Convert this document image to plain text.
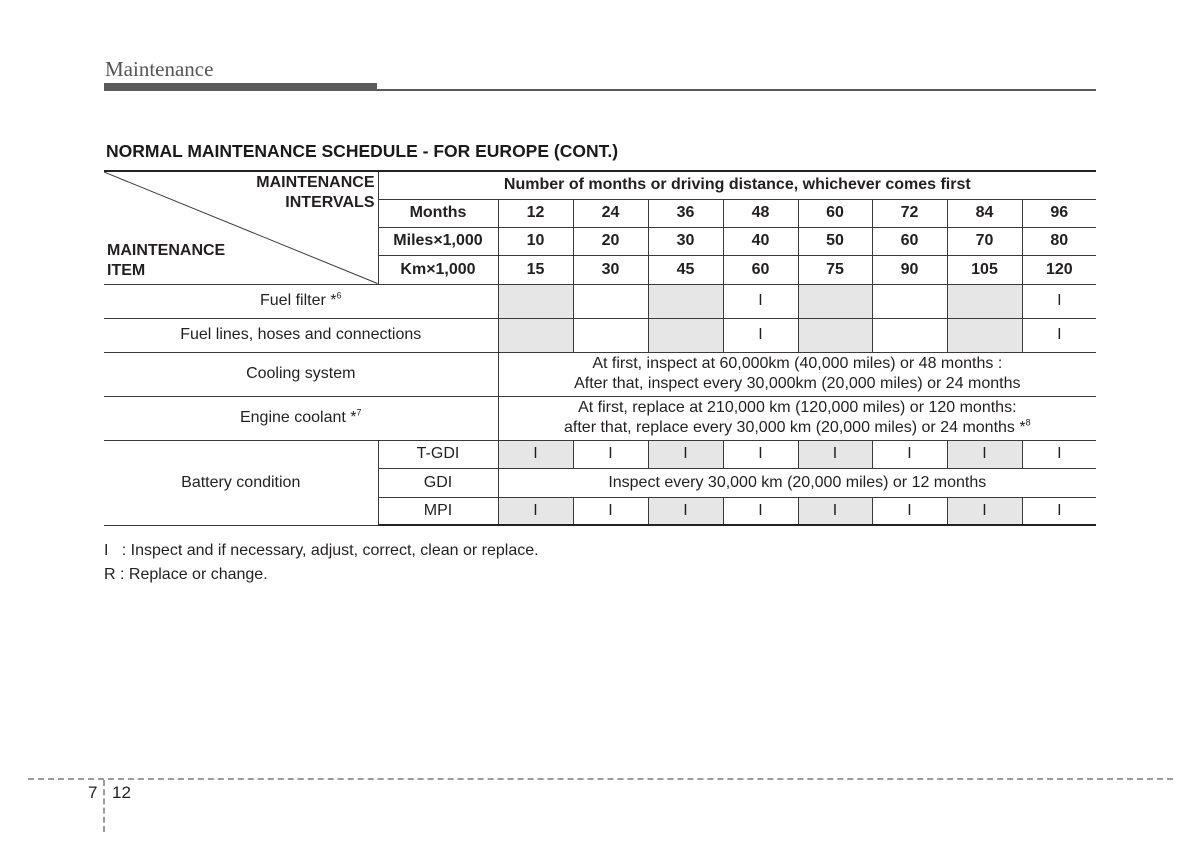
Maintenance
NORMAL MAINTENANCE SCHEDULE - FOR EUROPE (CONT.)
MAINTENANCE
INTERVALS
MAINTENANCE
ITEM	Number of months or driving distance, whichever comes first								
	Months	12	24	36	48	60	72	84	96
	Miles×1,000	10	20	30	40	50	60	70	80
	Km×1,000	15	30	45	60	75	90	105	120
Fuel filter *$^6$					I				I
Fuel lines, hoses and connections					I				I
Cooling system		At first, inspect at 60,000km (40,000 miles) or 48 months :
After that, inspect every 30,000km (20,000 miles) or 24 months							

Engine coolant *$^7$		At first, replace at 210,000 km (120,000 miles) or 120 months:
after that, replace every 30,000 km (20,000 miles) or 24 months *$^8$

Battery condition	T-GDI	I	I	I	I	I	I	I	I
	GDI	Inspect every 30,000 km (20,000 miles) or 12 months							
	MPI	I	I	I	I	I	I	I	I
I   : Inspect and if necessary, adjust, correct, clean or replace.
R : Replace or change.
7 12
